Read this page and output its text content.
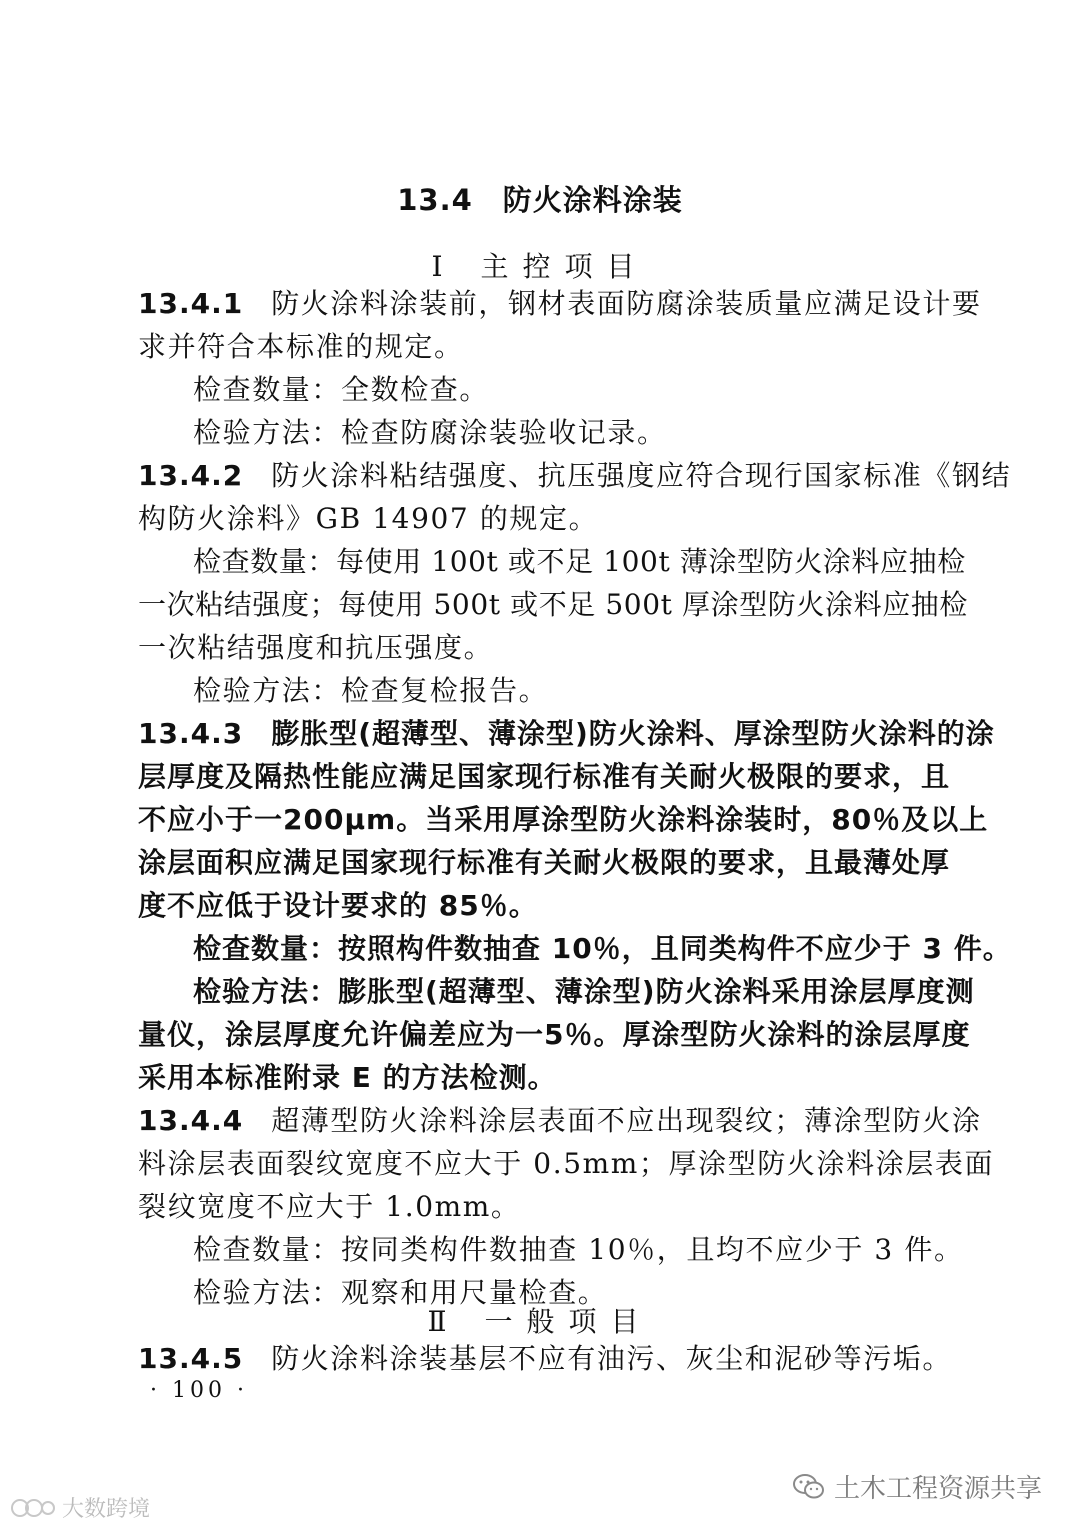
13.4　防火涂料涂装
Ⅰ 主控项目
13.4.1 防火涂料涂装前，钢材表面防腐涂装质量应满足设计要
求并符合本标准的规定。
检查数量：全数检查。
检验方法：检查防腐涂装验收记录。
13.4.2 防火涂料粘结强度、抗压强度应符合现行国家标准《钢结
构防火涂料》GB 14907 的规定。
检查数量：每使用 100t 或不足 100t 薄涂型防火涂料应抽检
一次粘结强度；每使用 500t 或不足 500t 厚涂型防火涂料应抽检
一次粘结强度和抗压强度。
检验方法：检查复检报告。
13.4.3 膨胀型(超薄型、薄涂型)防火涂料、厚涂型防火涂料的涂
层厚度及隔热性能应满足国家现行标准有关耐火极限的要求，且
不应小于一200μm。当采用厚涂型防火涂料涂装时，80％及以上
涂层面积应满足国家现行标准有关耐火极限的要求，且最薄处厚
度不应低于设计要求的 85％。
检查数量：按照构件数抽查 10％，且同类构件不应少于 3 件。
检验方法：膨胀型(超薄型、薄涂型)防火涂料采用涂层厚度测
量仪，涂层厚度允许偏差应为一5％。厚涂型防火涂料的涂层厚度
采用本标准附录 E 的方法检测。
13.4.4 超薄型防火涂料涂层表面不应出现裂纹；薄涂型防火涂
料涂层表面裂纹宽度不应大于 0.5mm；厚涂型防火涂料涂层表面
裂纹宽度不应大于 1.0mm。
检查数量：按同类构件数抽查 10％，且均不应少于 3 件。
检验方法：观察和用尺量检查。
Ⅱ 一般项目
13.4.5 防火涂料涂装基层不应有油污、灰尘和泥砂等污垢。
· 100 ·
土木工程资源共享
大数跨境
